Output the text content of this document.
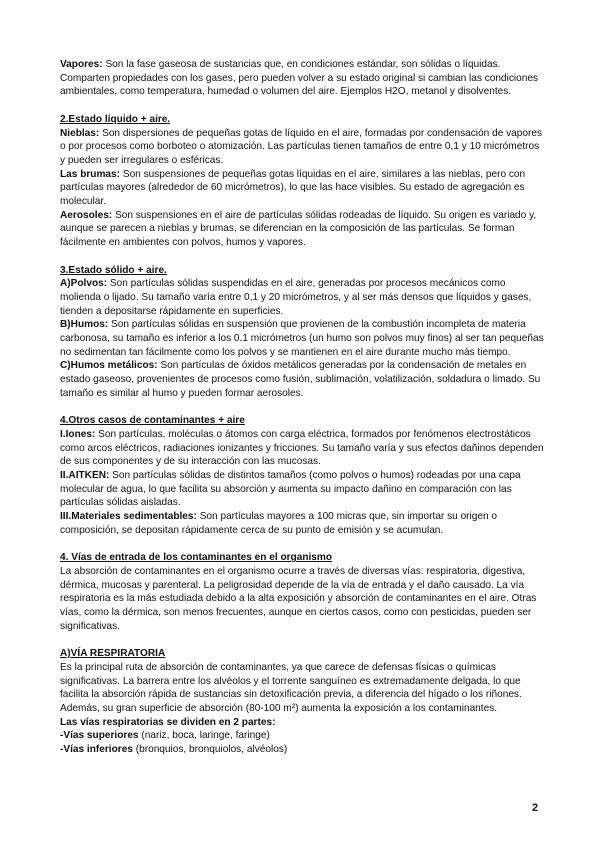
Vapores: Son la fase gaseosa de sustancias que, en condiciones estándar, son sólidas o líquidas. Comparten propiedades con los gases, pero pueden volver a su estado original si cambian las condiciones ambientales, como temperatura, humedad o volumen del aire. Ejemplos H2O, metanol y disolventes.

2.Estado líquido + aire.

Nieblas: Son dispersiones de pequeñas gotas de líquido en el aire, formadas por condensación de vapores o por procesos como borboteo o atomización. Las partículas tienen tamaños de entre 0,1 y 10 micrómetros y pueden ser irregulares o esféricas.

Las brumas: Son suspensiones de pequeñas gotas líquidas en el aire, similares a las nieblas, pero con partículas mayores (alrededor de 60 micrómetros), lo que las hace visibles. Su estado de agregación es molecular.

Aerosoles: Son suspensiones en el aire de partículas sólidas rodeadas de líquido. Su origen es variado y, aunque se parecen a nieblas y brumas, se diferencian en la composición de las partículas. Se forman fácilmente en ambientes con polvos, humos y vapores.

3.Estado sólido + aire.

A)Polvos: Son partículas sólidas suspendidas en el aire, generadas por procesos mecánicos como molienda o lijado. Su tamaño varía entre 0,1 y 20 micrómetros, y al ser más densos que líquidos y gases, tienden a depositarse rápidamente en superficies.

B)Humos: Son partículas sólidas en suspensión que provienen de la combustión incompleta de materia carbonosa, su tamaño es inferior a los 0.1 micrómetros (un humo son polvos muy finos) al ser tan pequeñas no sedimentan tan fácilmente como los polvos y se mantienen en el aire durante mucho más tiempo.

C)Humos metálicos: Son partículas de óxidos metálicos generadas por la condensación de metales en estado gaseoso, provenientes de procesos como fusión, sublimación, volatilización, soldadura o limado. Su tamaño es similar al humo y pueden formar aerosoles.

4.Otros casos de contaminantes + aire

I.Iones: Son partículas, moléculas o átomos con carga eléctrica, formados por fenómenos electrostáticos como arcos eléctricos, radiaciones ionizantes y fricciones. Su tamaño varía y sus efectos dañinos dependen de sus componentes y de su interacción con las mucosas.

II.AITKEN: Son partículas sólidas de distintos tamaños (como polvos o humos) rodeadas por una capa molecular de agua, lo que facilita su absorción y aumenta su impacto dañino en comparación con las partículas sólidas aisladas.

III.Materiales sedimentables: Son partículas mayores a 100 micras que, sin importar su origen o composición, se depositan rápidamente cerca de su punto de emisión y se acumulan.

4. Vías de entrada de los contaminantes en el organismo

La absorción de contaminantes en el organismo ocurre a través de diversas vías: respiratoria, digestiva, dérmica, mucosas y parenteral. La peligrosidad depende de la vía de entrada y el daño causado. La vía respiratoria es la más estudiada debido a la alta exposición y absorción de contaminantes en el aire. Otras vías, como la dérmica, son menos frecuentes, aunque en ciertos casos, como con pesticidas, pueden ser significativas.

A)VÍA RESPIRATORIA

Es la principal ruta de absorción de contaminantes, ya que carece de defensas físicas o químicas significativas. La barrera entre los alvéolos y el torrente sanguíneo es extremadamente delgada, lo que facilita la absorción rápida de sustancias sin detoxificación previa, a diferencia del hígado o los riñones. Además, su gran superficie de absorción (80-100 m²) aumenta la exposición a los contaminantes.

Las vías respiratorias se dividen en 2 partes:

-Vías superiores (nariz, boca, laringe, faringe)

-Vías inferiores (bronquios, bronquiolos, alvéolos)

2
